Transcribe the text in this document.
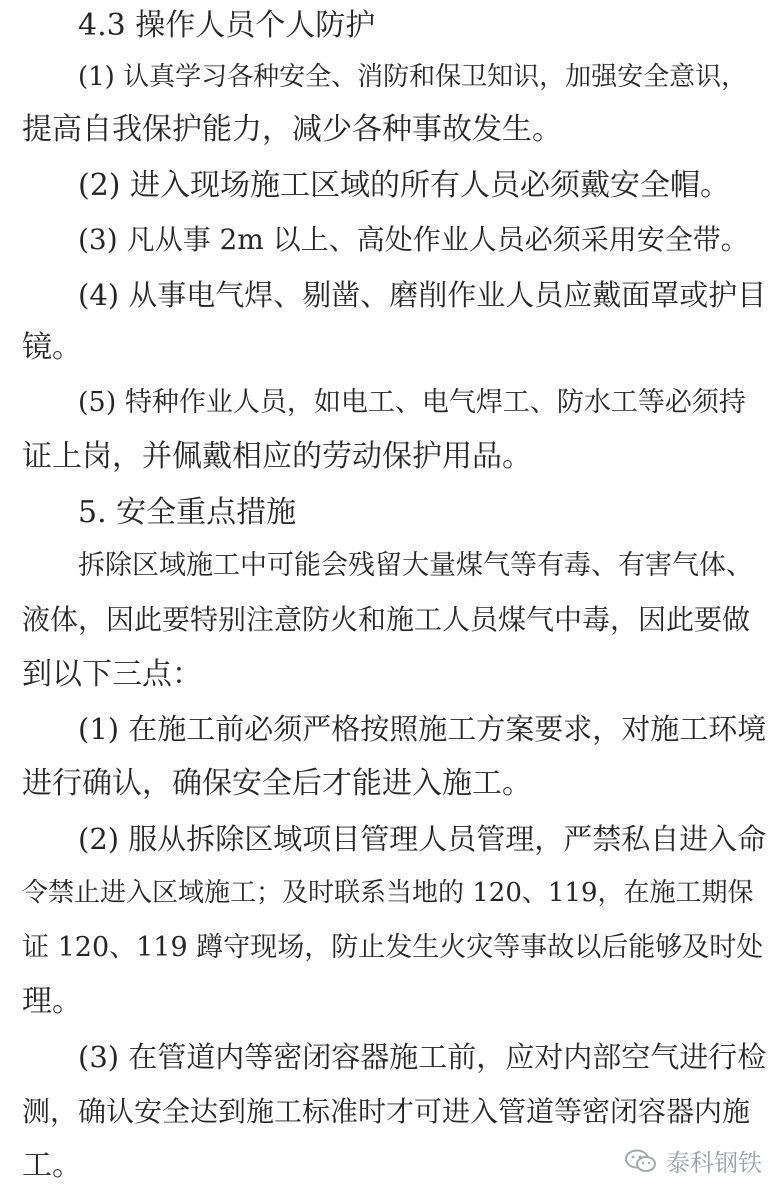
4.3 操作人员个人防护
(1) 认真学习各种安全、消防和保卫知识，加强安全意识，
提高自我保护能力，减少各种事故发生。
(2) 进入现场施工区域的所有人员必须戴安全帽。
(3) 凡从事 2m 以上、高处作业人员必须采用安全带。
(4) 从事电气焊、剔凿、磨削作业人员应戴面罩或护目
镜。
(5) 特种作业人员，如电工、电气焊工、防水工等必须持
证上岗，并佩戴相应的劳动保护用品。
5. 安全重点措施
拆除区域施工中可能会残留大量煤气等有毒、有害气体、
液体，因此要特别注意防火和施工人员煤气中毒，因此要做
到以下三点：
(1) 在施工前必须严格按照施工方案要求，对施工环境
进行确认，确保安全后才能进入施工。
(2) 服从拆除区域项目管理人员管理，严禁私自进入命
令禁止进入区域施工；及时联系当地的 120、119，在施工期保
证 120、119 蹲守现场，防止发生火灾等事故以后能够及时处
理。
(3) 在管道内等密闭容器施工前，应对内部空气进行检
测，确认安全达到施工标准时才可进入管道等密闭容器内施
工。	泰科钢铁
